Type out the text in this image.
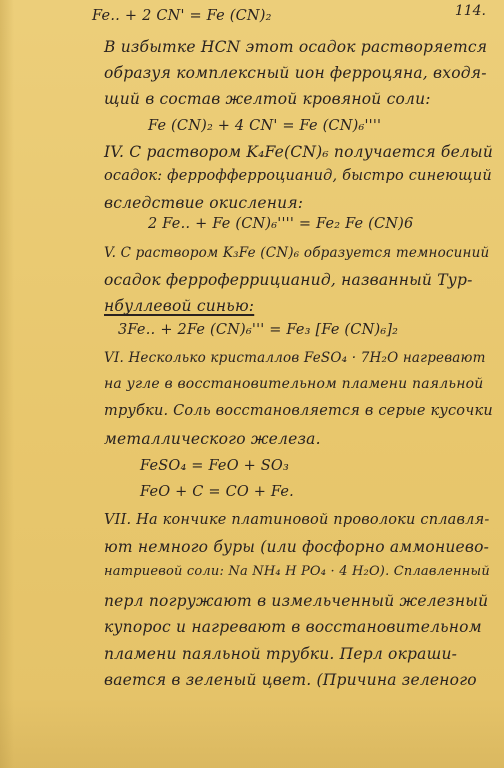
114.
Fe‥ + 2 CN' = Fe (CN)₂
В избытке HCN этот осадок растворяется
образуя комплексный ион ферроцяна, входя-
щий в состав желтой кровяной соли:
Fe (CN)₂ + 4 CN' = Fe (CN)₆''''
IV. С раствором K₄Fe(CN)₆ получается белый
осадок: феррофферроцианид, быстро синеющий
вследствие окисления:
2 Fe‥ + Fe (CN)₆'''' = Fe₂ Fe (CN)6
V. С раствором K₃Fe (CN)₆ образуется темносиний
осадок ферроферрицианид, названный Тур-
нбуллевой синью:
3Fe‥ + 2Fe (CN)₆''' = Fe₃ [Fe (CN)₆]₂
VI. Несколько кристаллов FeSO₄ · 7H₂O нагревают
на угле в восстановительном пламени паяльной
трубки. Соль восстановляется в серые кусочки
металлического железа.
FeSO₄ = FeO + SO₃
FeO + C = CO + Fe.
VII. На кончике платиновой проволоки сплавля-
ют немного буры (или фосфорно аммониево-
натриевой соли: Na NH₄ H PO₄ · 4 H₂O). Сплавленный
перл погружают в измельченный железный
купорос и нагревают в восстановительном
пламени паяльной трубки. Перл окраши-
вается в зеленый цвет. (Причина зеленого
